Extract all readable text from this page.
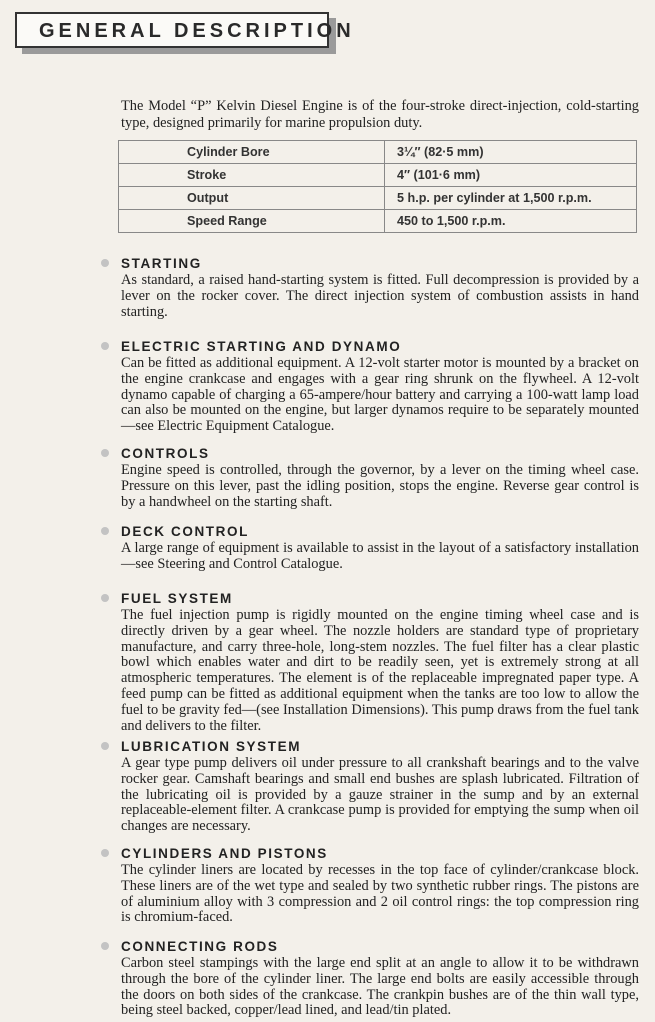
GENERAL DESCRIPTION

The Model “P” Kelvin Diesel Engine is of the four-stroke direct-injection, cold-starting type, designed primarily for marine propulsion duty.

Cylinder Bore	3¼″ (82·5 mm)
Stroke	4″ (101·6 mm)
Output	5 h.p. per cylinder at 1,500 r.p.m.
Speed Range	450 to 1,500 r.p.m.
STARTING

As standard, a raised hand-starting system is fitted. Full decompression is provided by a lever on the rocker cover. The direct injection system of combustion assists in hand starting.

ELECTRIC STARTING AND DYNAMO

Can be fitted as additional equipment. A 12-volt starter motor is mounted by a bracket on the engine crankcase and engages with a gear ring shrunk on the flywheel. A 12-volt dynamo capable of charging a 65-ampere/hour battery and carrying a 100-watt lamp load can also be mounted on the engine, but larger dynamos require to be separately mounted—see Electric Equipment Catalogue.

CONTROLS

Engine speed is controlled, through the governor, by a lever on the timing wheel case. Pressure on this lever, past the idling position, stops the engine. Reverse gear control is by a handwheel on the starting shaft.

DECK CONTROL

A large range of equipment is available to assist in the layout of a satisfactory installation—see Steering and Control Catalogue.

FUEL SYSTEM

The fuel injection pump is rigidly mounted on the engine timing wheel case and is directly driven by a gear wheel. The nozzle holders are standard type of proprietary manufacture, and carry three-hole, long-stem nozzles. The fuel filter has a clear plastic bowl which enables water and dirt to be readily seen, yet is extremely strong at all atmospheric temperatures. The element is of the replaceable impregnated paper type. A feed pump can be fitted as additional equipment when the tanks are too low to allow the fuel to be gravity fed—(see Installation Dimensions). This pump draws from the fuel tank and delivers to the filter.

LUBRICATION SYSTEM

A gear type pump delivers oil under pressure to all crankshaft bearings and to the valve rocker gear. Camshaft bearings and small end bushes are splash lubricated. Filtration of the lubricating oil is provided by a gauze strainer in the sump and by an external replaceable-element filter. A crankcase pump is provided for emptying the sump when oil changes are necessary.

CYLINDERS AND PISTONS

The cylinder liners are located by recesses in the top face of cylinder/crankcase block. These liners are of the wet type and sealed by two synthetic rubber rings. The pistons are of aluminium alloy with 3 compression and 2 oil control rings: the top compression ring is chromium-faced.

CONNECTING RODS

Carbon steel stampings with the large end split at an angle to allow it to be withdrawn through the bore of the cylinder liner. The large end bolts are easily accessible through the doors on both sides of the crankcase. The crankpin bushes are of the thin wall type, being steel backed, copper/lead lined, and lead/tin plated.
